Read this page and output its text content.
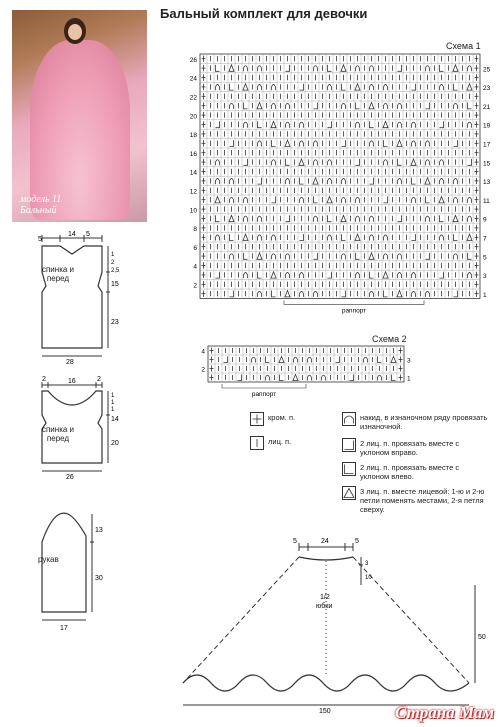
модель 11
Бальный
Бальный комплект для девочки
Схема 1
26
24
22
20
18
16
14
12
10
8
6
4
2
25
23
21
19
17
15
13
11
9
7
5
3
1
раппорт
Схема 2
4
2
3
1
раппорт
кром. п.
лиц. п.
накид, в изнаночном ряду провязать изнаночной.
2 лиц. п. провязать вместе с уклоном вправо.
2 лиц. п. провязать вместе с уклоном влево.
3 лиц. п. вместе лицевой: 1-ю и 2-ю петли поменять местами, 2-я петля сверху.
5
14 5
1
2
2,5
15
23
28
спинка и перед
2	16	2
1
1
1
14
20
26
спинка и перед
13
30
17
рукав
5	24	5
3
10
50
150
1/2
юбки
Страна Мам
